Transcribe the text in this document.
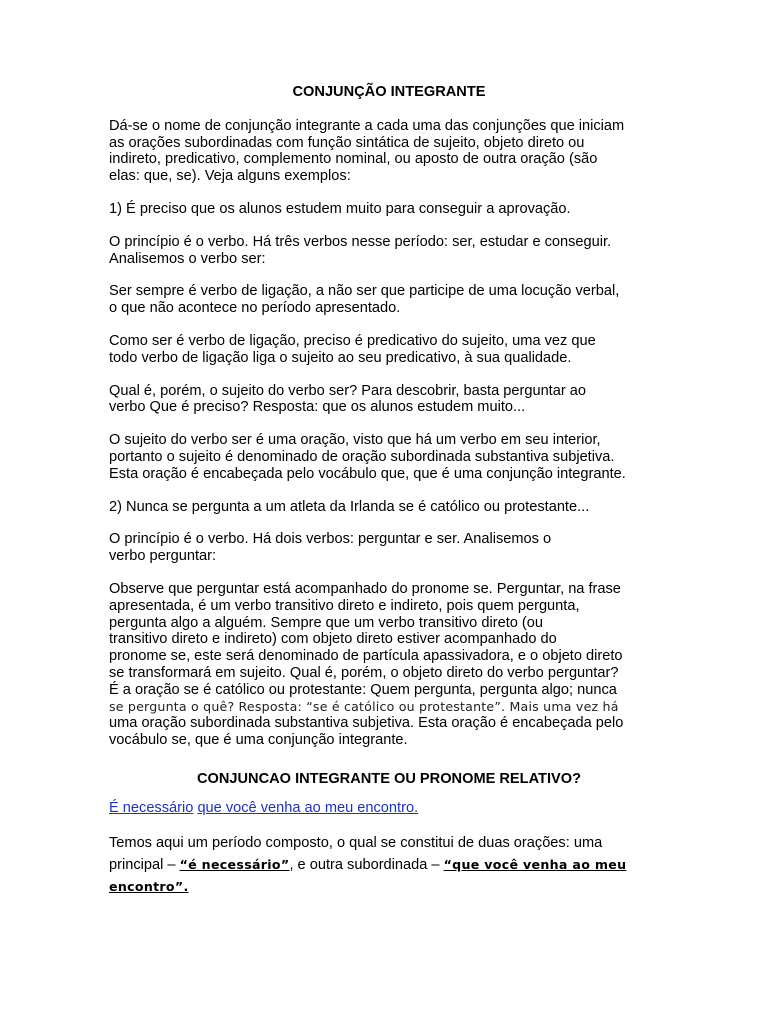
CONJUNÇÃO INTEGRANTE

Dá-se o nome de conjunção integrante a cada uma das conjunções que iniciam
as orações subordinadas com função sintática de sujeito, objeto direto ou
indireto, predicativo, complemento nominal, ou aposto de outra oração (são
elas: que, se). Veja alguns exemplos:

1) É preciso que os alunos estudem muito para conseguir a aprovação.

O princípio é o verbo. Há três verbos nesse período: ser, estudar e conseguir.
Analisemos o verbo ser:

Ser sempre é verbo de ligação, a não ser que participe de uma locução verbal,
o que não acontece no período apresentado.

Como ser é verbo de ligação, preciso é predicativo do sujeito, uma vez que
todo verbo de ligação liga o sujeito ao seu predicativo, à sua qualidade.

Qual é, porém, o sujeito do verbo ser? Para descobrir, basta perguntar ao
verbo Que é preciso? Resposta: que os alunos estudem muito...

O sujeito do verbo ser é uma oração, visto que há um verbo em seu interior,
portanto o sujeito é denominado de oração subordinada substantiva subjetiva.
Esta oração é encabeçada pelo vocábulo que, que é uma conjunção integrante.

2) Nunca se pergunta a um atleta da Irlanda se é católico ou protestante...

O princípio é o verbo. Há dois verbos: perguntar e ser. Analisemos o
verbo perguntar:

Observe que perguntar está acompanhado do pronome se. Perguntar, na frase
apresentada, é um verbo transitivo direto e indireto, pois quem pergunta,
pergunta algo a alguém. Sempre que um verbo transitivo direto (ou
transitivo direto e indireto) com objeto direto estiver acompanhado do
pronome se, este será denominado de partícula apassivadora, e o objeto direto
se transformará em sujeito. Qual é, porém, o objeto direto do verbo perguntar?
É a oração se é católico ou protestante: Quem pergunta, pergunta algo; nunca
se pergunta o quê? Resposta: “se é católico ou protestante”. Mais uma vez há
uma oração subordinada substantiva subjetiva. Esta oração é encabeçada pelo
vocábulo se, que é uma conjunção integrante.

CONJUNCAO INTEGRANTE OU PRONOME RELATIVO?

É necessário que você venha ao meu encontro.

Temos aqui um período composto, o qual se constitui de duas orações: uma
principal – “é necessário”, e outra subordinada – “que você venha ao meu
encontro”.
